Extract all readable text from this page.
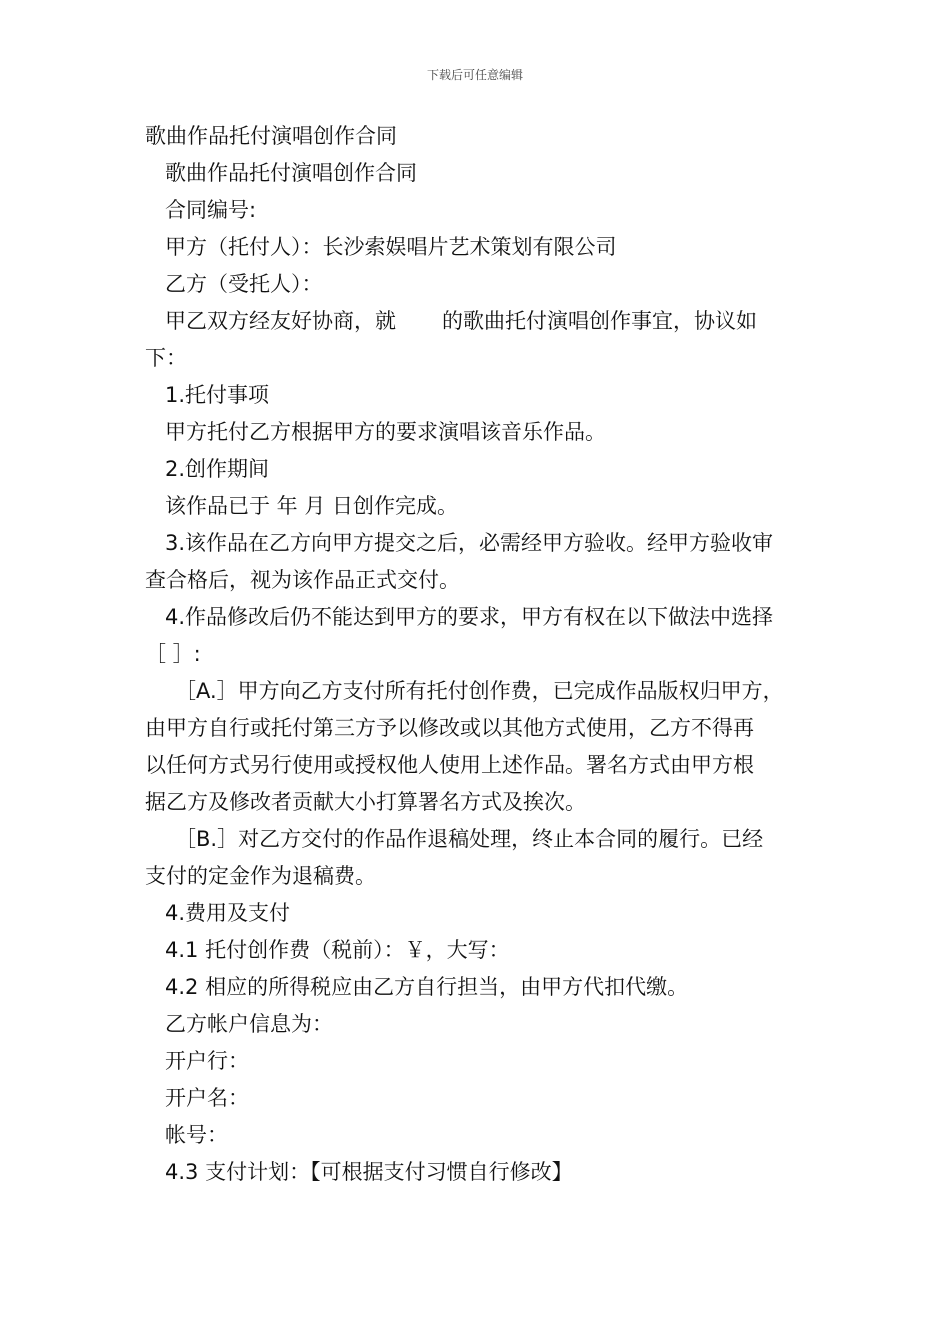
下载后可任意编辑

歌曲作品托付演唱创作合同

歌曲作品托付演唱创作合同

合同编号:

甲方（托付人）：长沙索娱唱片艺术策划有限公司

乙方（受托人）：

甲乙双方经友好协商，就 的歌曲托付演唱创作事宜，协议如

下：

1.托付事项

甲方托付乙方根据甲方的要求演唱该音乐作品。

2.创作期间

该作品已于 年 月 日创作完成。

3.该作品在乙方向甲方提交之后，必需经甲方验收。经甲方验收审

查合格后，视为该作品正式交付。

4.作品修改后仍不能达到甲方的要求，甲方有权在以下做法中选择

［ ］:

［A.］甲方向乙方支付所有托付创作费，已完成作品版权归甲方，

由甲方自行或托付第三方予以修改或以其他方式使用，乙方不得再

以任何方式另行使用或授权他人使用上述作品。署名方式由甲方根

据乙方及修改者贡献大小打算署名方式及挨次。

［B.］对乙方交付的作品作退稿处理，终止本合同的履行。已经

支付的定金作为退稿费。

4.费用及支付

4.1 托付创作费（税前）：￥，大写：

4.2 相应的所得税应由乙方自行担当，由甲方代扣代缴。

乙方帐户信息为：

开户行：

开户名：

帐号：

4.3 支付计划：【可根据支付习惯自行修改】
